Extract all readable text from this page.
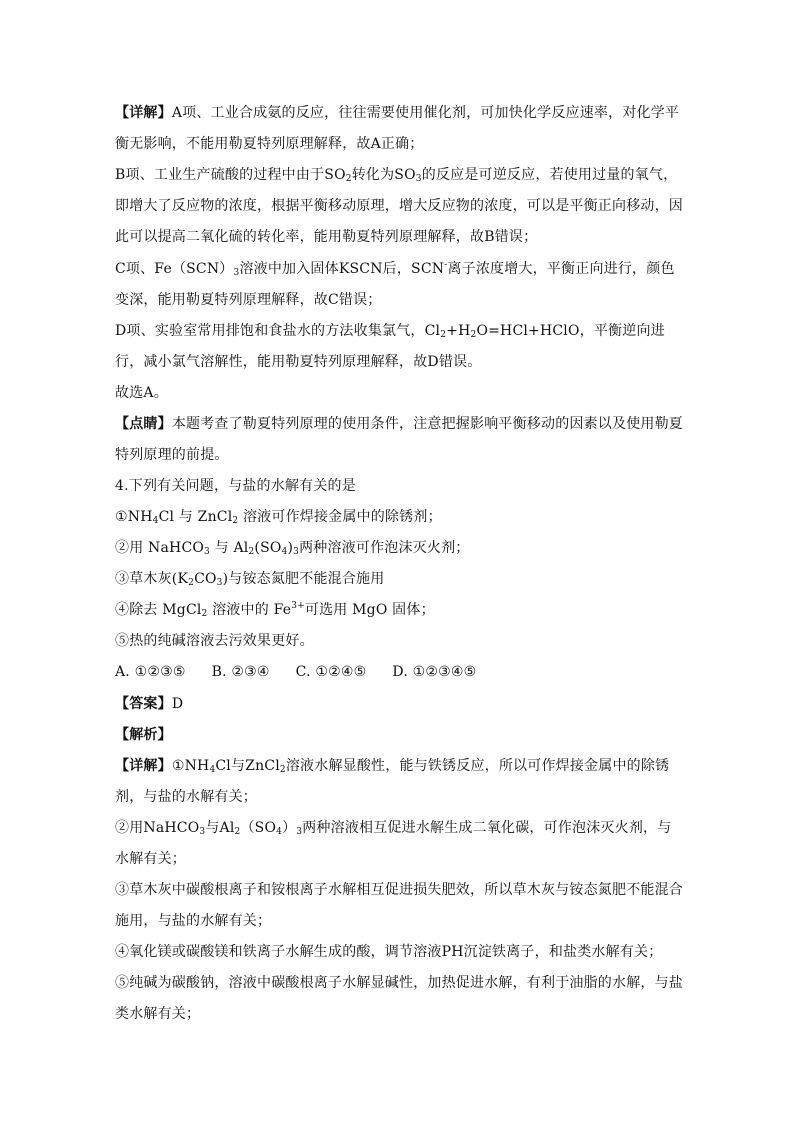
【详解】A项、工业合成氨的反应，往往需要使用催化剂，可加快化学反应速率，对化学平衡无影响，不能用勒夏特列原理解释，故A正确；
B项、工业生产硫酸的过程中由于$SO_2$转化为$SO_3$的反应是可逆反应，若使用过量的氧气，即增大了反应物的浓度，根据平衡移动原理，增大反应物的浓度，可以是平衡正向移动，因此可以提高二氧化硫的转化率，能用勒夏特列原理解释，故B错误；
C项、$Fe(SCN)_3$溶液中加入固体KSCN后，SCN-离子浓度增大，平衡正向进行，颜色变深，能用勒夏特列原理解释，故C错误；
D项、实验室常用排饱和食盐水的方法收集氯气，$Cl_2+H_2O=HCl+HClO$，平衡逆向进行，减小氯气溶解性，能用勒夏特列原理解释，故D错误。
故选A。
【点睛】本题考查了勒夏特列原理的使用条件，注意把握影响平衡移动的因素以及使用勒夏特列原理的前提。
4.下列有关问题，与盐的水解有关的是
$①NH_4Cl$ 与 ZnCl$_2$ 溶液可作焊接金属中的除锈剂；
②用 NaHCO$_3$ 与 $Al_2(SO_4)_3$两种溶液可作泡沫灭火剂；
③草木灰$(K_2CO_3)$与铵态氮肥不能混合施用
④除去 MgCl$_2$ 溶液中的 $Fe^{3+}$可选用 MgO 固体；
⑤热的纯碱溶液去污效果更好。
A. ①②③⑤ B. ②③④ C. ①②④⑤ D. ①②③④⑤
【答案】D
【解析】
【详解】$①NH_4Cl$与ZnCl$_2$溶液水解显酸性，能与铁锈反应，所以可作焊接金属中的除锈剂，与盐的水解有关；
②用NaHCO$_3$与$Al_2(SO_4)_3$两种溶液相互促进水解生成二氧化碳，可作泡沫灭火剂，与水解有关；
③草木灰中碳酸根离子和铵根离子水解相互促进损失肥效，所以草木灰与铵态氮肥不能混合施用，与盐的水解有关；
④氧化镁或碳酸镁和铁离子水解生成的酸，调节溶液PH沉淀铁离子，和盐类水解有关；
⑤纯碱为碳酸钠，溶液中碳酸根离子水解显碱性，加热促进水解，有利于油脂的水解，与盐类水解有关；
